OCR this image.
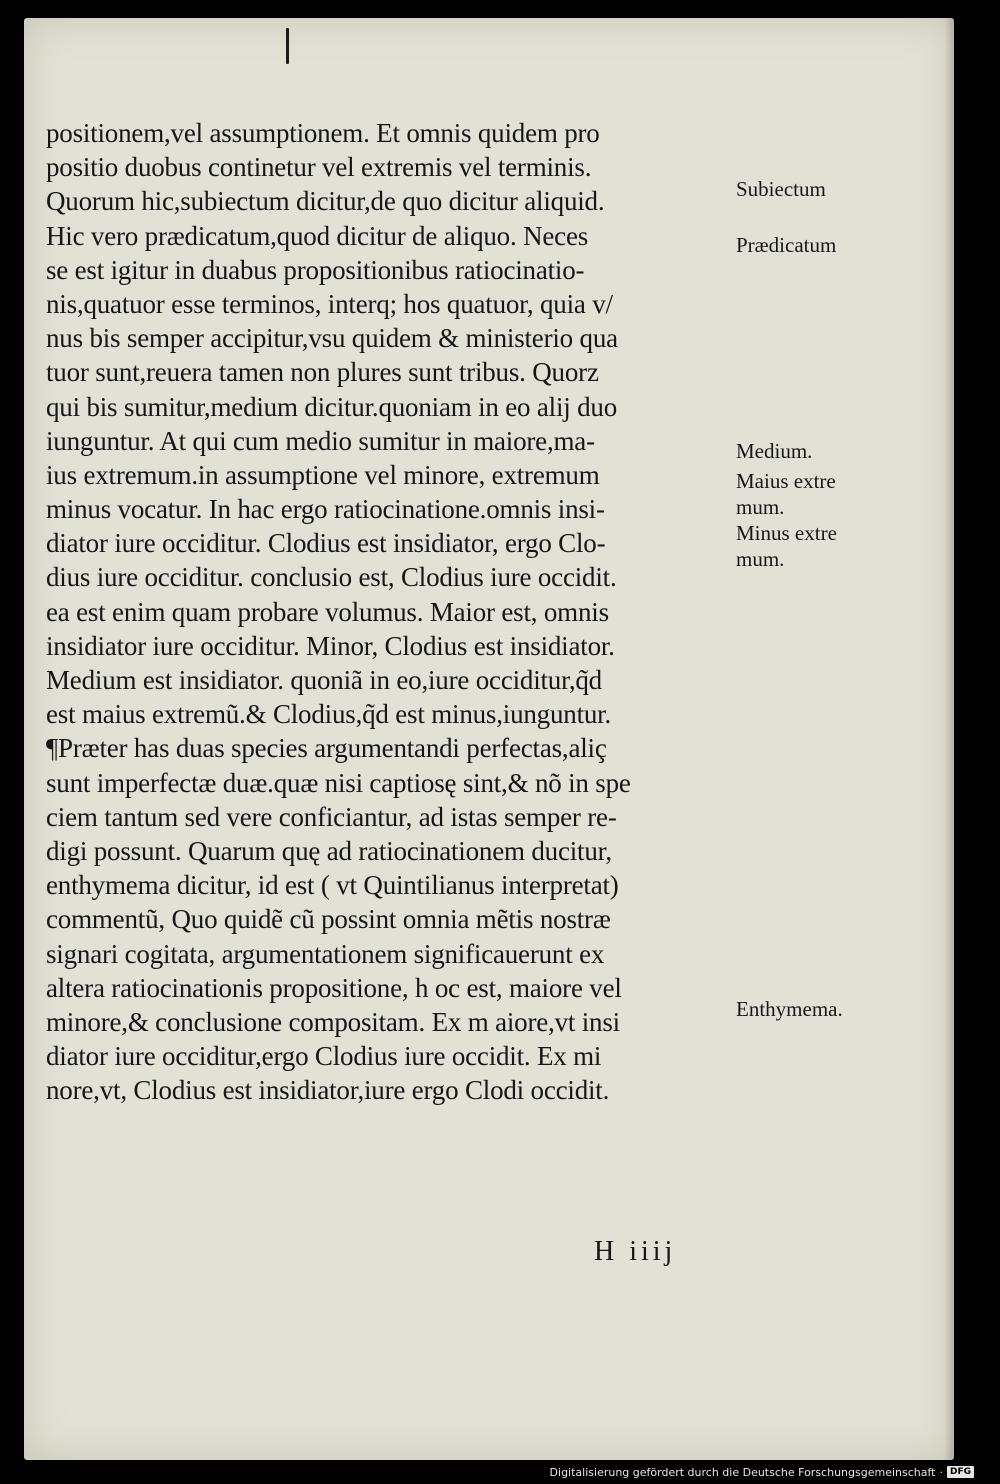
positionem,vel assumptionem. Et omnis quidem pro
positio duobus continetur vel extremis vel terminis.
Quorum hic,subiectum dicitur,de quo dicitur aliquid.
Hic vero prædicatum,quod dicitur de aliquo. Neces
se est igitur in duabus propositionibus ratiocinatio-
nis,quatuor esse terminos, interq; hos quatuor, quia v/
nus bis semper accipitur,vsu quidem & ministerio qua
tuor sunt,reuera tamen non plures sunt tribus. Quorz
qui bis sumitur,medium dicitur.quoniam in eo alij duo
iunguntur. At qui cum medio sumitur in maiore,ma-
ius extremum.in assumptione vel minore, extremum
minus vocatur. In hac ergo ratiocinatione.omnis insi-
diator iure occiditur. Clodius est insidiator, ergo Clo-
dius iure occiditur. conclusio est, Clodius iure occidit.
ea est enim quam probare volumus. Maior est, omnis
insidiator iure occiditur. Minor, Clodius est insidiator.
Medium est insidiator. quoniã in eo,iure occiditur,q̃d
est maius extremũ.& Clodius,q̃d est minus,iunguntur.
¶Præter has duas species argumentandi perfectas,aliç
sunt imperfectæ duæ.quæ nisi captiosę sint,& nõ in spe
ciem tantum sed vere conficiantur, ad istas semper re-
digi possunt. Quarum quę ad ratiocinationem ducitur,
enthymema dicitur, id est ( vt Quintilianus interpretat)
commentũ, Quo quidẽ cũ possint omnia mẽtis nostræ
signari cogitata, argumentationem significauerunt ex
altera ratiocinationis propositione, h oc est, maiore vel
minore,& conclusione compositam. Ex m aiore,vt insi
diator iure occiditur,ergo Clodius iure occidit. Ex mi
nore,vt, Clodius est insidiator,iure ergo Clodi occidit.
Subiectum
Prædicatum
Medium.
Maius extre
mum.
Minus extre
mum.
Enthymema.
H iiij
Digitalisierung gefördert durch die Deutsche Forschungsgemeinschaft · DFG
